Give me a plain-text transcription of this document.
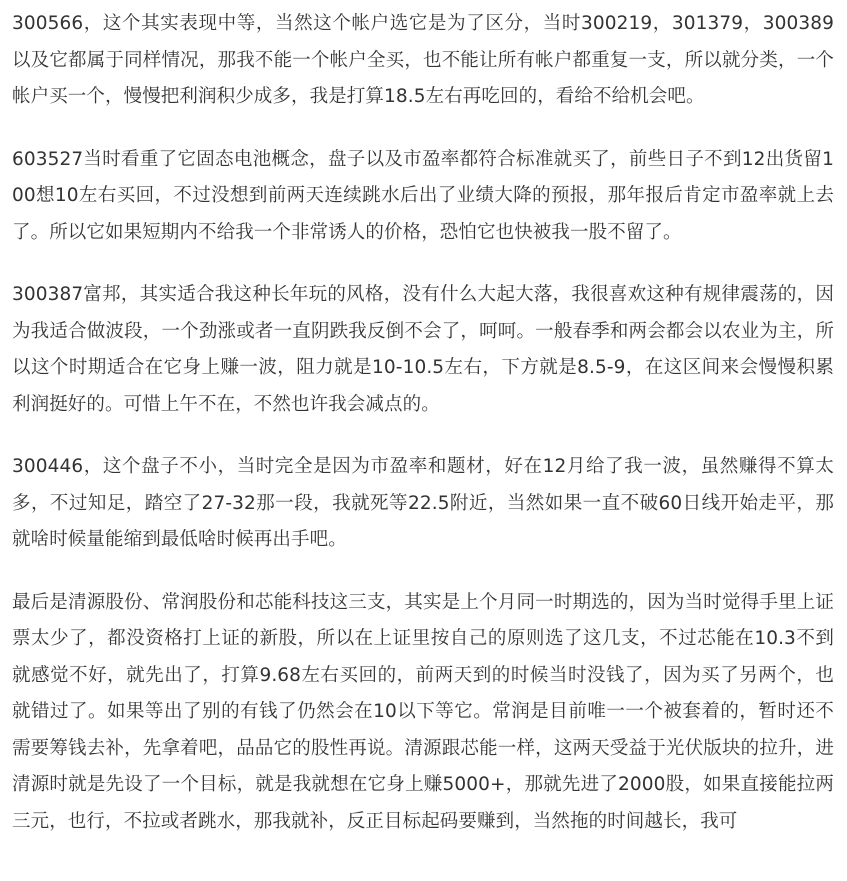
300566，这个其实表现中等，当然这个帐户选它是为了区分，当时300219，301379，300389以及它都属于同样情况，那我不能一个帐户全买，也不能让所有帐户都重复一支，所以就分类，一个帐户买一个，慢慢把利润积少成多，我是打算18.5左右再吃回的，看给不给机会吧。

603527当时看重了它固态电池概念，盘子以及市盈率都符合标准就买了，前些日子不到12出货留100想10左右买回，不过没想到前两天连续跳水后出了业绩大降的预报，那年报后肯定市盈率就上去了。所以它如果短期内不给我一个非常诱人的价格，恐怕它也快被我一股不留了。

300387富邦，其实适合我这种长年玩的风格，没有什么大起大落，我很喜欢这种有规律震荡的，因为我适合做波段，一个劲涨或者一直阴跌我反倒不会了，呵呵。一般春季和两会都会以农业为主，所以这个时期适合在它身上赚一波，阻力就是10-10.5左右，下方就是8.5-9，在这区间来会慢慢积累利润挺好的。可惜上午不在，不然也许我会减点的。

300446，这个盘子不小，当时完全是因为市盈率和题材，好在12月给了我一波，虽然赚得不算太多，不过知足，踏空了27-32那一段，我就死等22.5附近，当然如果一直不破60日线开始走平，那就啥时候量能缩到最低啥时候再出手吧。

最后是清源股份、常润股份和芯能科技这三支，其实是上个月同一时期选的，因为当时觉得手里上证票太少了，都没资格打上证的新股，所以在上证里按自己的原则选了这几支，不过芯能在10.3不到就感觉不好，就先出了，打算9.68左右买回的，前两天到的时候当时没钱了，因为买了另两个，也就错过了。如果等出了别的有钱了仍然会在10以下等它。常润是目前唯一一个被套着的，暂时还不需要筹钱去补，先拿着吧，品品它的股性再说。清源跟芯能一样，这两天受益于光伏版块的拉升，进清源时就是先设了一个目标，就是我就想在它身上赚5000+，那就先进了2000股，如果直接能拉两三元，也行，不拉或者跳水，那我就补，反正目标起码要赚到，当然拖的时间越长，我可
